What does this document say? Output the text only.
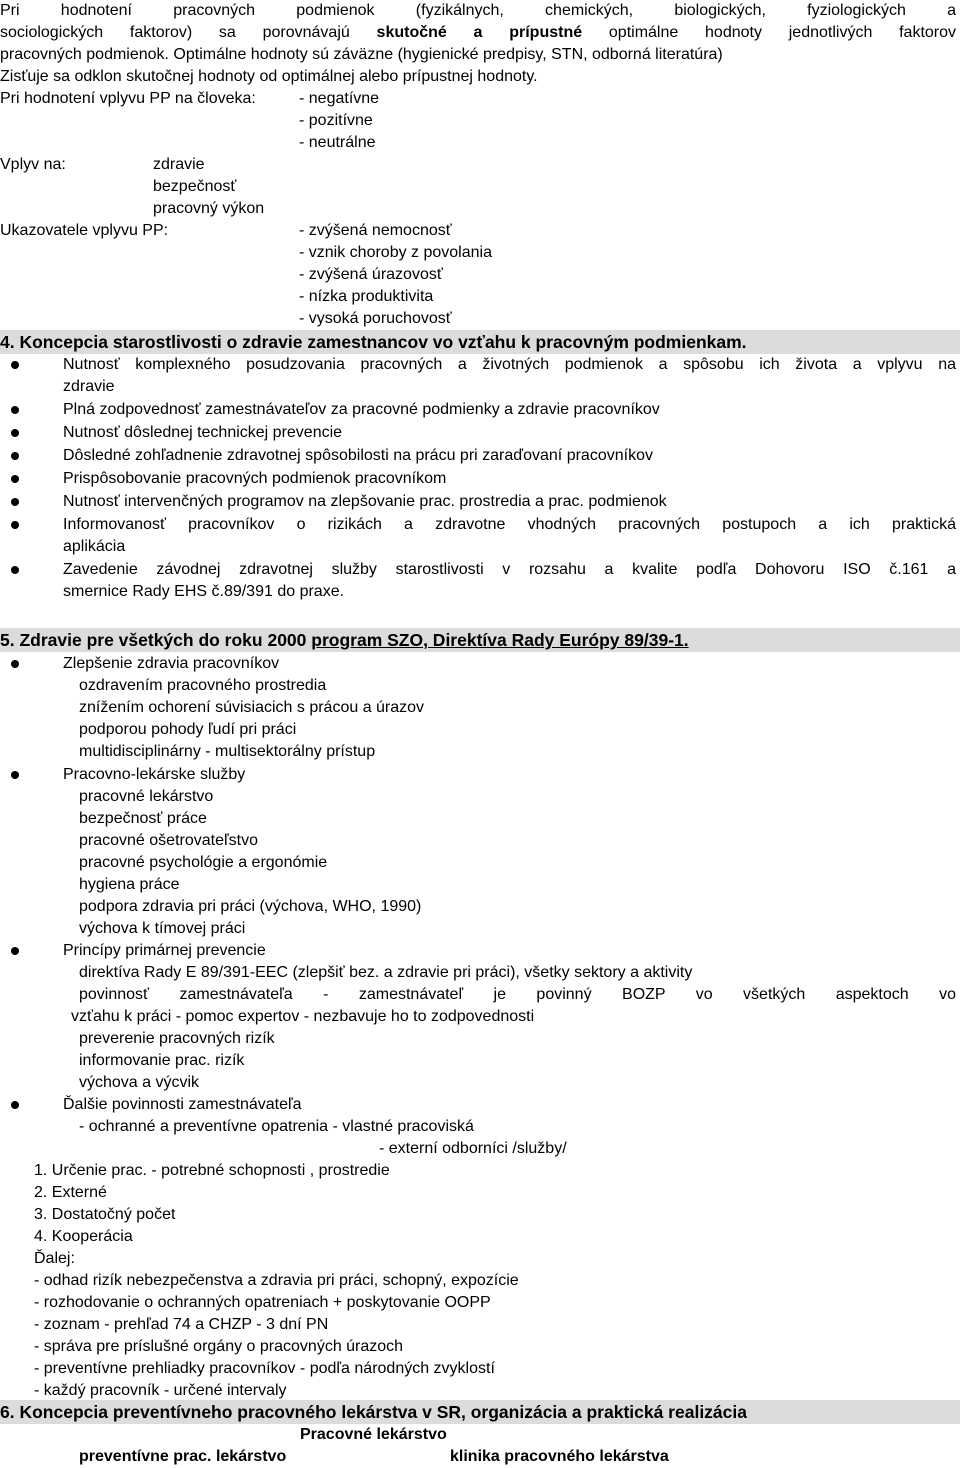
Pri hodnotení pracovných podmienok (fyzikálnych, chemických, biologických, fyziologických a
sociologických faktorov) sa porovnávajú skutočné a prípustné optimálne hodnoty jednotlivých faktorov
pracovných podmienok. Optimálne hodnoty sú záväzne (hygienické predpisy, STN, odborná literatúra)
Zisťuje sa odklon skutočnej hodnoty od optimálnej alebo prípustnej hodnoty.
Pri hodnotení vplyvu PP na človeka:	- negatívne
- pozitívne
- neutrálne
Vplyv na:	zdravie
bezpečnosť
pracovný výkon
Ukazovatele vplyvu PP:	- zvýšená nemocnosť
- vznik choroby z povolania
- zvýšená úrazovosť
- nízka produktivita
- vysoká poruchovosť
4. Koncepcia starostlivosti o zdravie zamestnancov vo vzťahu k pracovným podmienkam.
Nutnosť komplexného posudzovania pracovných a životných podmienok a spôsobu ich života a vplyvu na
zdravie
Plná zodpovednosť zamestnávateľov za pracovné podmienky a zdravie pracovníkov
Nutnosť dôslednej technickej prevencie
Dôsledné zohľadnenie zdravotnej spôsobilosti na prácu pri zaraďovaní pracovníkov
Prispôsobovanie pracovných podmienok pracovníkom
Nutnosť intervenčných programov na zlepšovanie prac. prostredia a prac. podmienok
Informovanosť pracovníkov o rizikách a zdravotne vhodných pracovných postupoch a ich praktická
aplikácia
Zavedenie závodnej zdravotnej služby starostlivosti v rozsahu a kvalite podľa Dohovoru ISO č.161 a
smernice Rady EHS č.89/391 do praxe.
5. Zdravie pre všetkých do roku 2000 program SZO, Direktíva Rady Európy 89/39-1.
Zlepšenie zdravia pracovníkov
ozdravením pracovného prostredia
znížením ochorení súvisiacich s prácou a úrazov
podporou pohody ľudí pri práci
multidisciplinárny - multisektorálny prístup
Pracovno-lekárske služby
pracovné lekárstvo
bezpečnosť práce
pracovné ošetrovateľstvo
pracovné psychológie a ergonómie
hygiena práce
podpora zdravia pri práci (výchova, WHO, 1990)
výchova k tímovej práci
Princípy primárnej prevencie
direktíva Rady E 89/391-EEC (zlepšiť bez. a zdravie pri práci), všetky sektory a aktivity
povinnosť zamestnávateľa - zamestnávateľ je povinný BOZP vo všetkých aspektoch vo
vzťahu k práci - pomoc expertov - nezbavuje ho to zodpovednosti
preverenie pracovných rizík
informovanie prac. rizík
výchova a výcvik
Ďalšie povinnosti zamestnávateľa
- ochranné a preventívne opatrenia - vlastné pracoviská
- externí odborníci /služby/
1. Určenie prac. - potrebné schopnosti , prostredie
2. Externé
3. Dostatočný počet
4. Kooperácia
Ďalej:
- odhad rizík nebezpečenstva a zdravia pri práci, schopný, expozície
- rozhodovanie o ochranných opatreniach + poskytovanie OOPP
- zoznam - prehľad 74 a CHZP - 3 dní PN
- správa pre príslušné orgány o pracovných úrazoch
- preventívne prehliadky pracovníkov - podľa národných zvyklostí
- každý pracovník - určené intervaly
6. Koncepcia preventívneho pracovného lekárstva v SR, organizácia a praktická realizácia
Pracovné lekárstvo
preventívne prac. lekárstvo	klinika pracovného lekárstva
